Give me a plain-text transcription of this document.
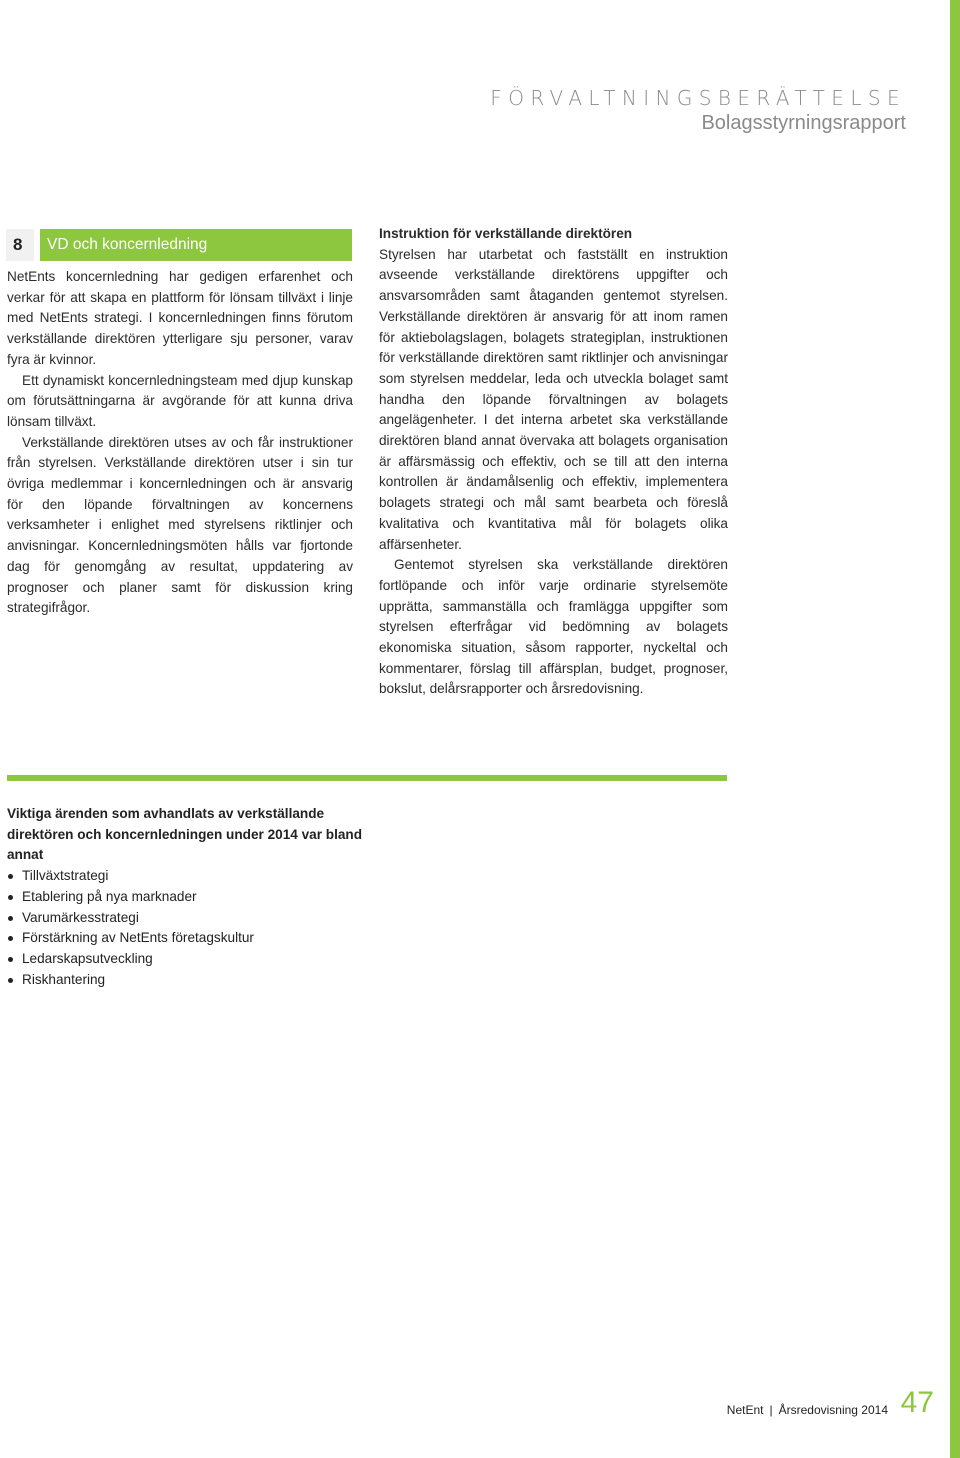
FÖRVALTNINGSBERÄTTELSE
Bolagsstyrningsrapport
8	VD och koncernledning

NetEnts koncernledning har gedigen erfarenhet och verkar för att skapa en plattform för lönsam tillväxt i linje med NetEnts strategi. I koncernledningen finns förutom verkställande direktören ytterligare sju personer, varav fyra är kvinnor.

Ett dynamiskt koncernledningsteam med djup kunskap om förutsättningarna är avgörande för att kunna driva lönsam tillväxt.

Verkställande direktören utses av och får instruktioner från styrelsen. Verkställande direktören utser i sin tur övriga medlemmar i koncernledningen och är ansvarig för den löpande förvaltningen av koncernens verksamheter i enlighet med styrelsens riktlinjer och anvisningar. Koncernledningsmöten hålls var fjortonde dag för genomgång av resultat, uppdatering av prognoser och planer samt för diskussion kring strategifrågor.

Instruktion för verkställande direktören

Styrelsen har utarbetat och fastställt en instruktion avseende verkställande direktörens uppgifter och ansvarsområden samt åtaganden gentemot styrelsen. Verkställande direktören är ansvarig för att inom ramen för aktiebolagslagen, bolagets strategiplan, instruktionen för verkställande direktören samt riktlinjer och anvisningar som styrelsen meddelar, leda och utveckla bolaget samt handha den löpande förvaltningen av bolagets angelägenheter. I det interna arbetet ska verkställande direktören bland annat övervaka att bolagets organisation är affärsmässig och effektiv, och se till att den interna kontrollen är ändamålsenlig och effektiv, implementera bolagets strategi och mål samt bearbeta och föreslå kvalitativa och kvantitativa mål för bolagets olika affärsenheter.

Gentemot styrelsen ska verkställande direktören fortlöpande och inför varje ordinarie styrelsemöte upprätta, sammanställa och framlägga uppgifter som styrelsen efterfrågar vid bedömning av bolagets ekonomiska situation, såsom rapporter, nyckeltal och kommentarer, förslag till affärsplan, budget, prognoser, bokslut, delårsrapporter och årsredovisning.

Viktiga ärenden som avhandlats av verkställande direktören och koncernledningen under 2014 var bland annat

Tillväxtstrategi
Etablering på nya marknader
Varumärkesstrategi
Förstärkning av NetEnts företagskultur
Ledarskapsutveckling
Riskhantering
NetEnt | Årsredovisning 2014 47
